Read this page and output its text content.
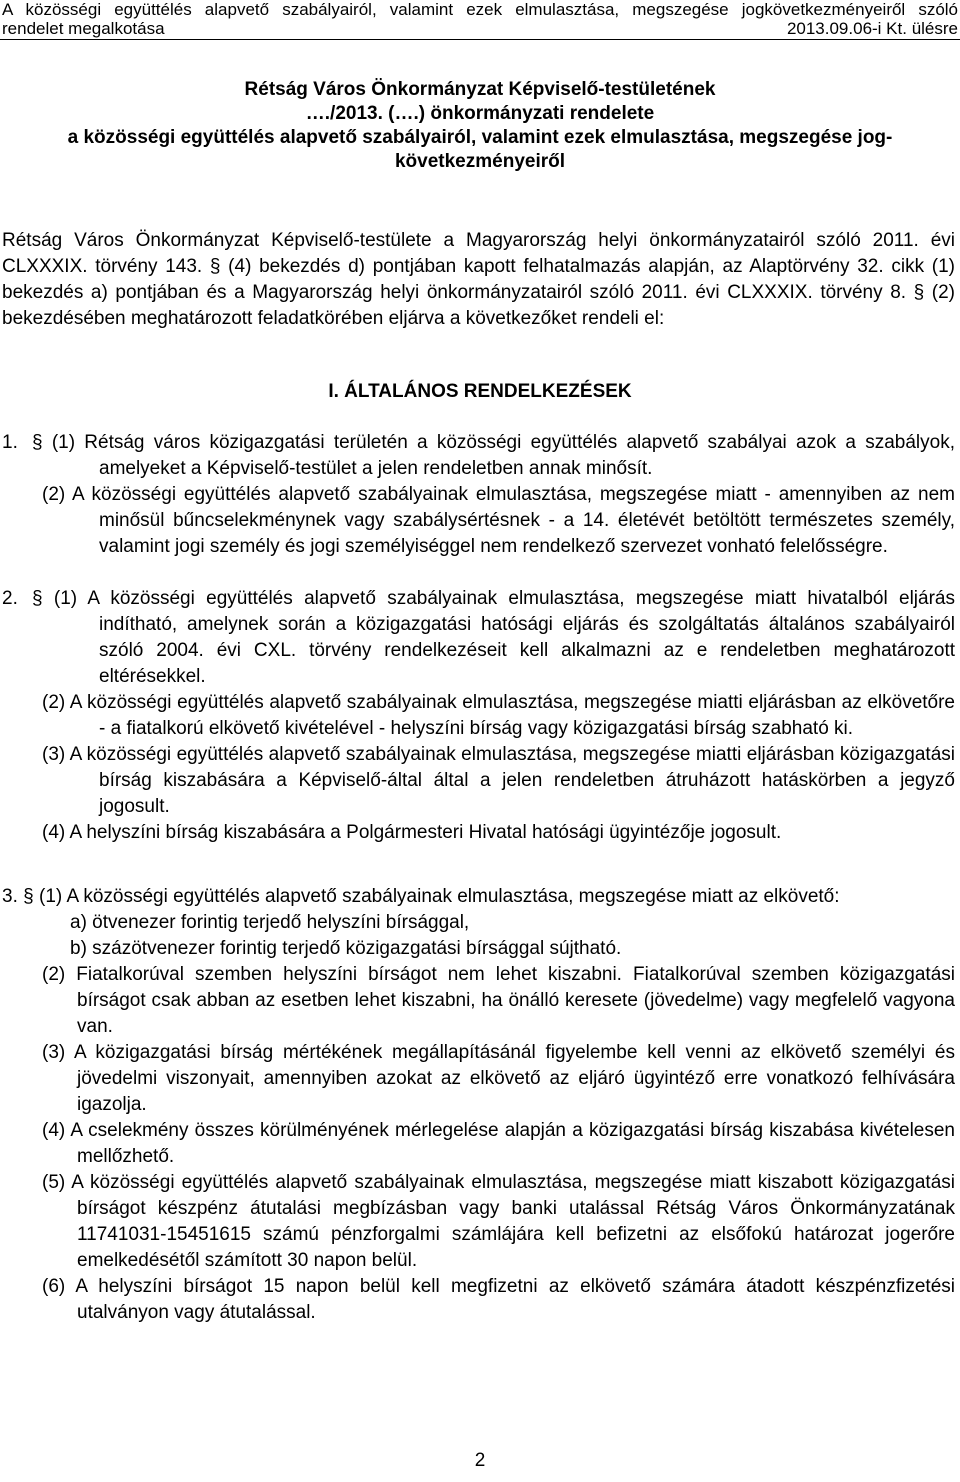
A közösségi együttélés alapvető szabályairól, valamint ezek elmulasztása, megszegése jogkövetkezményeiről szóló
rendelet megalkotása	2013.09.06-i Kt. ülésre
Rétság Város Önkormányzat Képviselő-testületének
…./2013. (….) önkormányzati rendelete
a közösségi együttélés alapvető szabályairól, valamint ezek elmulasztása, megszegése jog-
következményeiről
Rétság Város Önkormányzat Képviselő-testülete a Magyarország helyi önkormányzatairól szóló 2011. évi CLXXXIX. törvény 143. § (4) bekezdés d) pontjában kapott felhatalmazás alapján, az Alaptörvény 32. cikk (1) bekezdés a) pontjában és a Magyarország helyi önkormányzatairól szóló 2011. évi CLXXXIX. törvény 8. § (2) bekezdésében meghatározott feladatkörében eljárva a következőket rendeli el:
I. ÁLTALÁNOS RENDELKEZÉSEK
1. § (1) Rétság város közigazgatási területén a közösségi együttélés alapvető szabályai azok a szabályok, amelyeket a Képviselő-testület a jelen rendeletben annak minősít.
(2) A közösségi együttélés alapvető szabályainak elmulasztása, megszegése miatt - amennyiben az nem minősül bűncselekménynek vagy szabálysértésnek - a 14. életévét betöltött természetes személy, valamint jogi személy és jogi személyiséggel nem rendelkező szervezet vonható felelősségre.
2. § (1) A közösségi együttélés alapvető szabályainak elmulasztása, megszegése miatt hivatalból eljárás indítható, amelynek során a közigazgatási hatósági eljárás és szolgáltatás általános szabályairól szóló 2004. évi CXL. törvény rendelkezéseit kell alkalmazni az e rendeletben meghatározott eltérésekkel.
(2) A közösségi együttélés alapvető szabályainak elmulasztása, megszegése miatti eljárásban az elkövetőre - a fiatalkorú elkövető kivételével - helyszíni bírság vagy közigazgatási bírság szabható ki.
(3) A közösségi együttélés alapvető szabályainak elmulasztása, megszegése miatti eljárásban közigazgatási bírság kiszabására a Képviselő-által által a jelen rendeletben átruházott hatáskörben a jegyző jogosult.
(4) A helyszíni bírság kiszabására a Polgármesteri Hivatal hatósági ügyintézője jogosult.
3. § (1) A közösségi együttélés alapvető szabályainak elmulasztása, megszegése miatt az elkövető:
a) ötvenezer forintig terjedő helyszíni bírsággal,
b) százötvenezer forintig terjedő közigazgatási bírsággal sújtható.
(2) Fiatalkorúval szemben helyszíni bírságot nem lehet kiszabni. Fiatalkorúval szemben közigazgatási bírságot csak abban az esetben lehet kiszabni, ha önálló keresete (jövedelme) vagy megfelelő vagyona van.
(3) A közigazgatási bírság mértékének megállapításánál figyelembe kell venni az elkövető személyi és jövedelmi viszonyait, amennyiben azokat az elkövető az eljáró ügyintéző erre vonatkozó felhívására igazolja.
(4) A cselekmény összes körülményének mérlegelése alapján a közigazgatási bírság kiszabása kivételesen mellőzhető.
(5) A közösségi együttélés alapvető szabályainak elmulasztása, megszegése miatt kiszabott közigazgatási bírságot készpénz átutalási megbízásban vagy banki utalással Rétság Város Önkormányzatának 11741031-15451615 számú pénzforgalmi számlájára kell befizetni az elsőfokú határozat jogerőre emelkedésétől számított 30 napon belül.
(6) A helyszíni bírságot 15 napon belül kell megfizetni az elkövető számára átadott készpénzfizetési utalványon vagy átutalással.
2
